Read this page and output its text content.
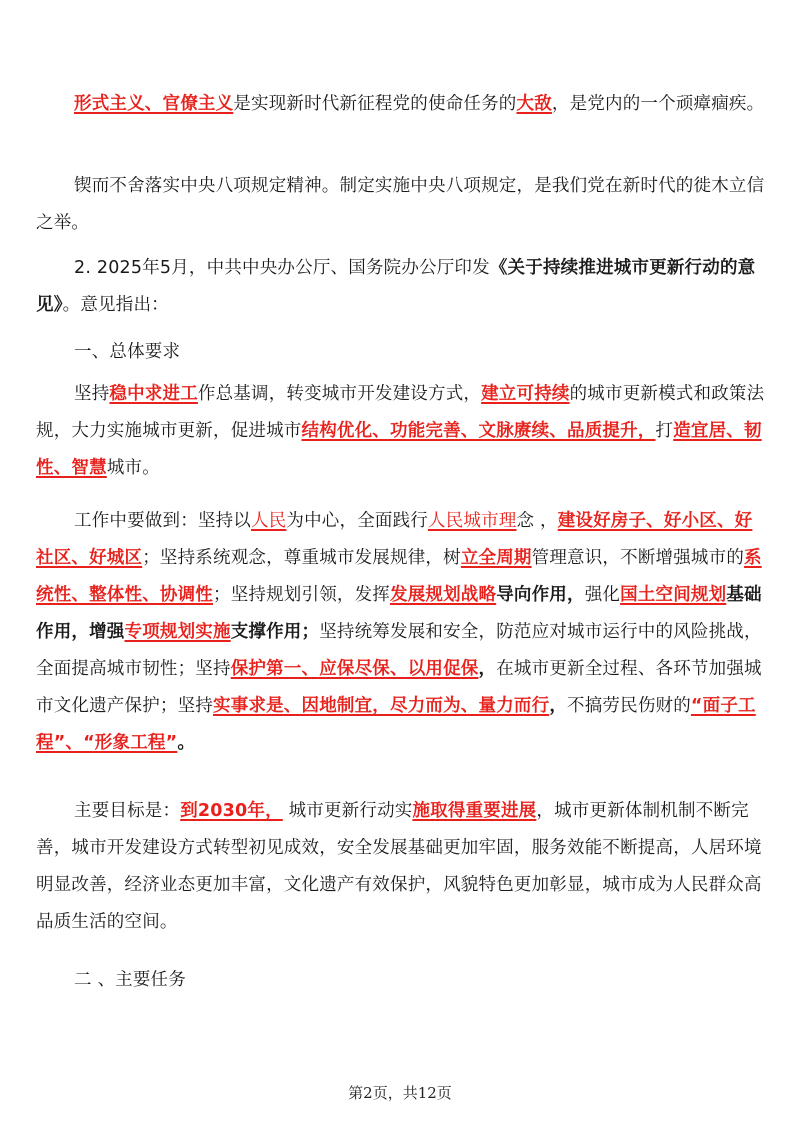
形式主义、官僚主义是实现新时代新征程党的使命任务的大敌，是党内的一个顽瘴痼疾。

锲而不舍落实中央八项规定精神。制定实施中央八项规定，是我们党在新时代的徙木立信之举。

2. 2025年5月，中共中央办公厅、国务院办公厅印发《关于持续推进城市更新行动的意见》。意见指出：

一、总体要求

坚持稳中求进工作总基调，转变城市开发建设方式，建立可持续的城市更新模式和政策法规，大力实施城市更新，促进城市结构优化、功能完善、文脉赓续、品质提升，打造宜居、韧性、智慧城市。

工作中要做到：坚持以人民为中心，全面践行人民城市理念 ，建设好房子、好小区、好社区、好城区；坚持系统观念，尊重城市发展规律，树立全周期管理意识，不断增强城市的系统性、整体性、协调性；坚持规划引领，发挥发展规划战略导向作用，强化国土空间规划基础作用，增强专项规划实施支撑作用；坚持统筹发展和安全，防范应对城市运行中的风险挑战，全面提高城市韧性；坚持保护第一、应保尽保、以用促保，在城市更新全过程、各环节加强城市文化遗产保护；坚持实事求是、因地制宜，尽力而为、量力而行，不搞劳民伤财的“面子工程”、“形象工程”。

主要目标是：到2030年， 城市更新行动实施取得重要进展，城市更新体制机制不断完善，城市开发建设方式转型初见成效，安全发展基础更加牢固，服务效能不断提高，人居环境明显改善，经济业态更加丰富，文化遗产有效保护，风貌特色更加彰显，城市成为人民群众高品质生活的空间。

二 、主要任务

第2页，共12页
